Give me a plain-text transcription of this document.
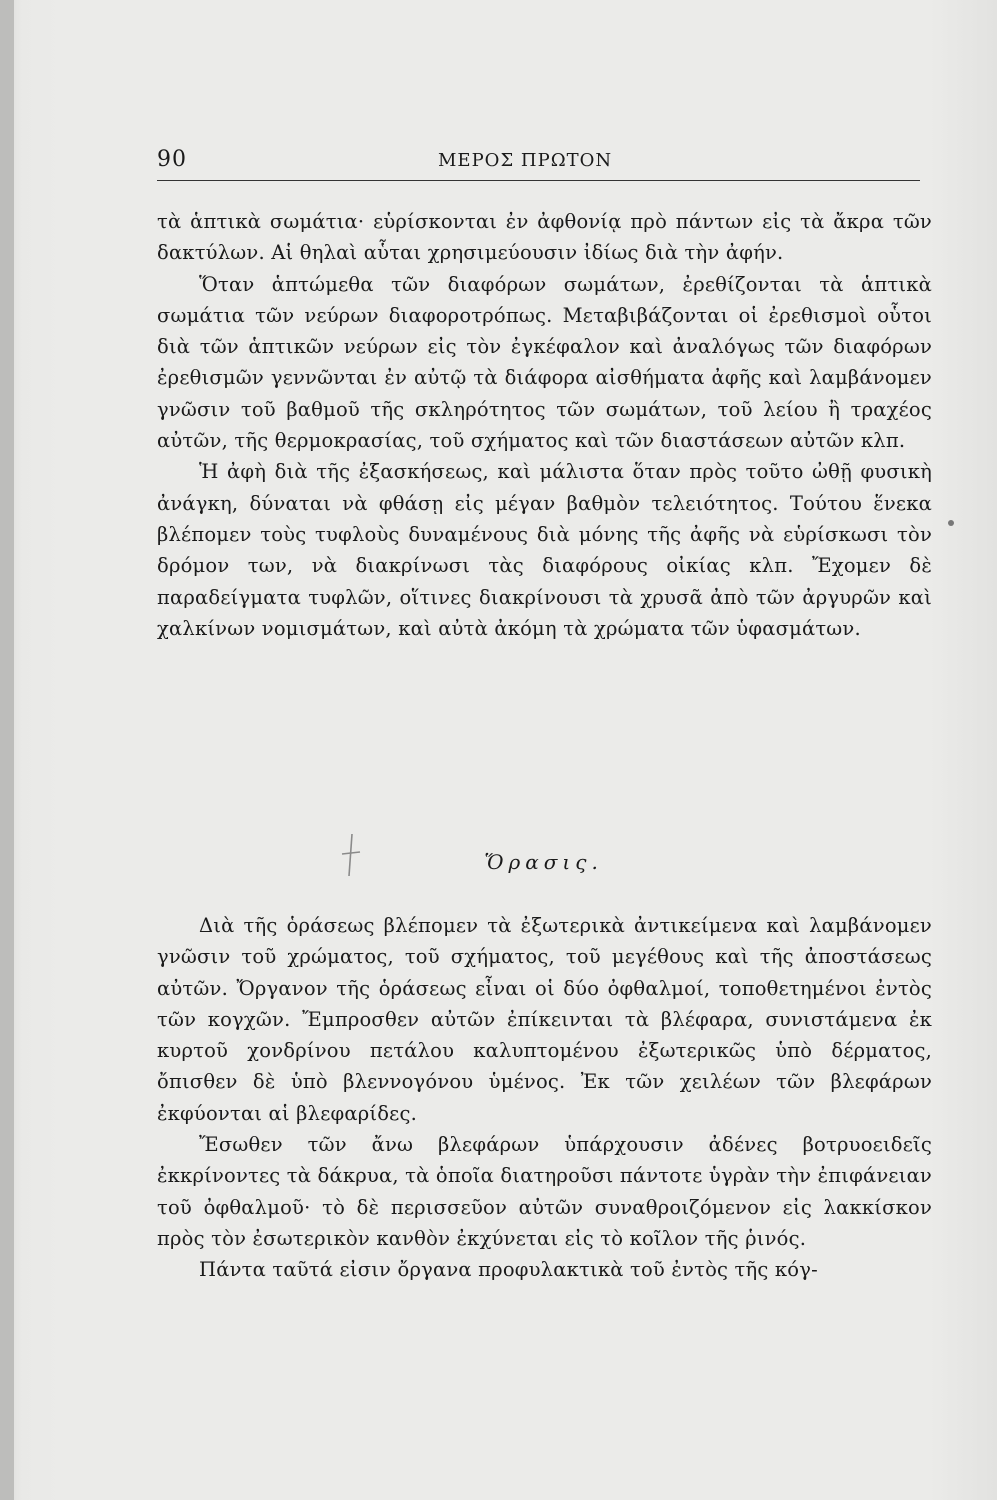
90	ΜΕΡΟΣ ΠΡΩΤΟΝ

τὰ ἁπτικὰ σωμάτια· εὑρίσκονται ἐν ἀφθονίᾳ πρὸ πάντων εἰς τὰ ἄκρα τῶν δακτύλων. Αἱ θηλαὶ αὗται χρησιμεύουσιν ἰδίως διὰ τὴν ἀφήν.

Ὅταν ἁπτώμεθα τῶν διαφόρων σωμάτων, ἐρεθίζονται τὰ ἁπτικὰ σωμάτια τῶν νεύρων διαφοροτρόπως. Μεταβιβάζονται οἱ ἐρεθισμοὶ οὗτοι διὰ τῶν ἁπτικῶν νεύρων εἰς τὸν ἐγκέφαλον καὶ ἀναλόγως τῶν διαφόρων ἐρεθισμῶν γεννῶνται ἐν αὐτῷ τὰ διάφορα αἰσθήματα ἀφῆς καὶ λαμβάνομεν γνῶσιν τοῦ βαθμοῦ τῆς σκληρότητος τῶν σωμάτων, τοῦ λείου ἢ τραχέος αὐτῶν, τῆς θερμοκρασίας, τοῦ σχήματος καὶ τῶν διαστάσεων αὐτῶν κλπ.

Ἡ ἀφὴ διὰ τῆς ἐξασκήσεως, καὶ μάλιστα ὅταν πρὸς τοῦτο ὠθῇ φυσικὴ ἀνάγκη, δύναται νὰ φθάσῃ εἰς μέγαν βαθμὸν τελειότητος. Τούτου ἕνεκα βλέπομεν τοὺς τυφλοὺς δυναμένους διὰ μόνης τῆς ἀφῆς νὰ εὑρίσκωσι τὸν δρόμον των, νὰ διακρίνωσι τὰς διαφόρους οἰκίας κλπ. Ἔχομεν δὲ παραδείγματα τυφλῶν, οἵτινες διακρίνουσι τὰ χρυσᾶ ἀπὸ τῶν ἀργυρῶν καὶ χαλκίνων νομισμάτων, καὶ αὐτὰ ἀκόμη τὰ χρώματα τῶν ὑφασμάτων.

Ὅρασις.

Διὰ τῆς ὁράσεως βλέπομεν τὰ ἐξωτερικὰ ἀντικείμενα καὶ λαμβάνομεν γνῶσιν τοῦ χρώματος, τοῦ σχήματος, τοῦ μεγέθους καὶ τῆς ἀποστάσεως αὐτῶν. Ὄργανον τῆς ὁράσεως εἶναι οἱ δύο ὀφθαλμοί, τοποθετημένοι ἐντὸς τῶν κογχῶν. Ἔμπροσθεν αὐτῶν ἐπίκεινται τὰ βλέφαρα, συνιστάμενα ἐκ κυρτοῦ χονδρίνου πετάλου καλυπτομένου ἐξωτερικῶς ὑπὸ δέρματος, ὄπισθεν δὲ ὑπὸ βλεννογόνου ὑμένος. Ἐκ τῶν χειλέων τῶν βλεφάρων ἐκφύονται αἱ βλεφαρίδες.

Ἔσωθεν τῶν ἄνω βλεφάρων ὑπάρχουσιν ἀδένες βοτρυοειδεῖς ἐκκρίνοντες τὰ δάκρυα, τὰ ὁποῖα διατηροῦσι πάντοτε ὑγρὰν τὴν ἐπιφάνειαν τοῦ ὀφθαλμοῦ· τὸ δὲ περισσεῦον αὐτῶν συναθροιζόμενον εἰς λακκίσκον πρὸς τὸν ἐσωτερικὸν κανθὸν ἐκχύνεται εἰς τὸ κοῖλον τῆς ῥινός.

Πάντα ταῦτά εἰσιν ὄργανα προφυλακτικὰ τοῦ ἐντὸς τῆς κόγ-
